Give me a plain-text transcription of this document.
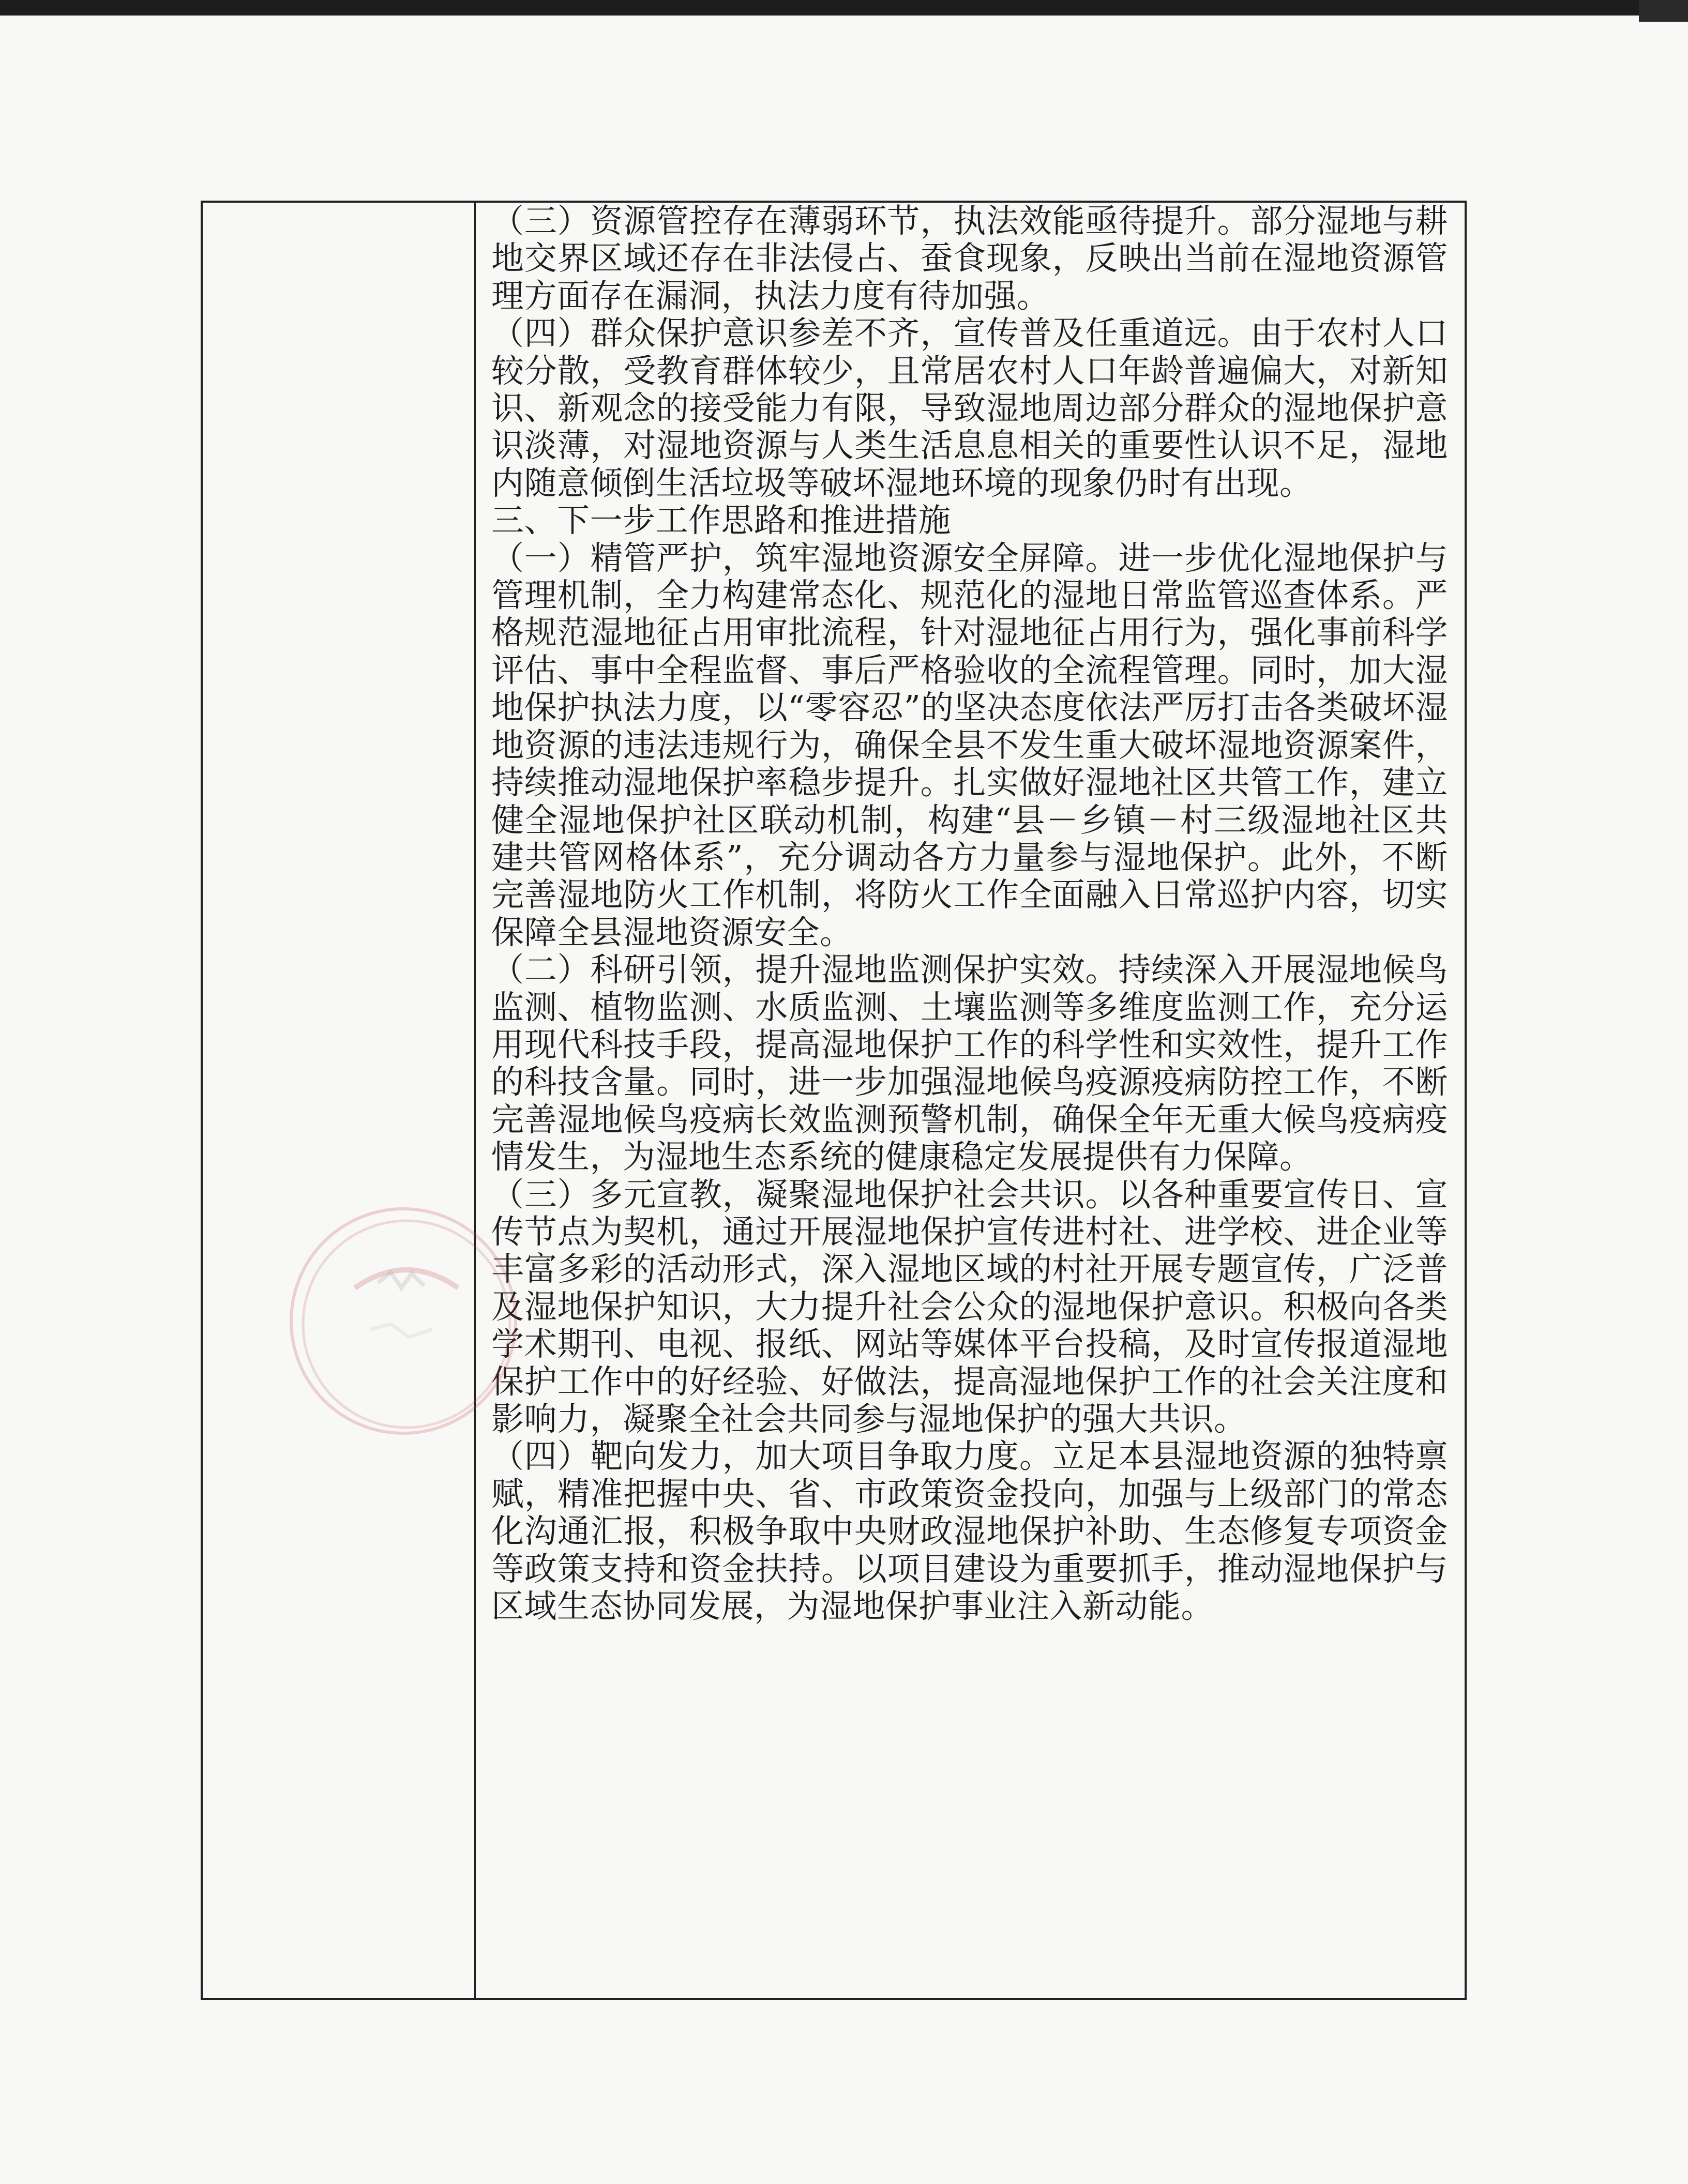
（三）资源管控存在薄弱环节，执法效能亟待提升。部分湿地与耕地交界区域还存在非法侵占、蚕食现象，反映出当前在湿地资源管理方面存在漏洞，执法力度有待加强。

（四）群众保护意识参差不齐，宣传普及任重道远。由于农村人口较分散，受教育群体较少，且常居农村人口年龄普遍偏大，对新知识、新观念的接受能力有限，导致湿地周边部分群众的湿地保护意识淡薄，对湿地资源与人类生活息息相关的重要性认识不足，湿地内随意倾倒生活垃圾等破坏湿地环境的现象仍时有出现。

三、下一步工作思路和推进措施

（一）精管严护，筑牢湿地资源安全屏障。进一步优化湿地保护与管理机制，全力构建常态化、规范化的湿地日常监管巡查体系。严格规范湿地征占用审批流程，针对湿地征占用行为，强化事前科学评估、事中全程监督、事后严格验收的全流程管理。同时，加大湿地保护执法力度，以“零容忍”的坚决态度依法严厉打击各类破坏湿地资源的违法违规行为，确保全县不发生重大破坏湿地资源案件，持续推动湿地保护率稳步提升。扎实做好湿地社区共管工作，建立健全湿地保护社区联动机制，构建“县－乡镇－村三级湿地社区共建共管网格体系”，充分调动各方力量参与湿地保护。此外，不断完善湿地防火工作机制，将防火工作全面融入日常巡护内容，切实保障全县湿地资源安全。

（二）科研引领，提升湿地监测保护实效。持续深入开展湿地候鸟监测、植物监测、水质监测、土壤监测等多维度监测工作，充分运用现代科技手段，提高湿地保护工作的科学性和实效性，提升工作的科技含量。同时，进一步加强湿地候鸟疫源疫病防控工作，不断完善湿地候鸟疫病长效监测预警机制，确保全年无重大候鸟疫病疫情发生，为湿地生态系统的健康稳定发展提供有力保障。

（三）多元宣教，凝聚湿地保护社会共识。以各种重要宣传日、宣传节点为契机，通过开展湿地保护宣传进村社、进学校、进企业等丰富多彩的活动形式，深入湿地区域的村社开展专题宣传，广泛普及湿地保护知识，大力提升社会公众的湿地保护意识。积极向各类学术期刊、电视、报纸、网站等媒体平台投稿，及时宣传报道湿地保护工作中的好经验、好做法，提高湿地保护工作的社会关注度和影响力，凝聚全社会共同参与湿地保护的强大共识。

（四）靶向发力，加大项目争取力度。立足本县湿地资源的独特禀赋，精准把握中央、省、市政策资金投向，加强与上级部门的常态化沟通汇报，积极争取中央财政湿地保护补助、生态修复专项资金等政策支持和资金扶持。以项目建设为重要抓手，推动湿地保护与区域生态协同发展，为湿地保护事业注入新动能。
